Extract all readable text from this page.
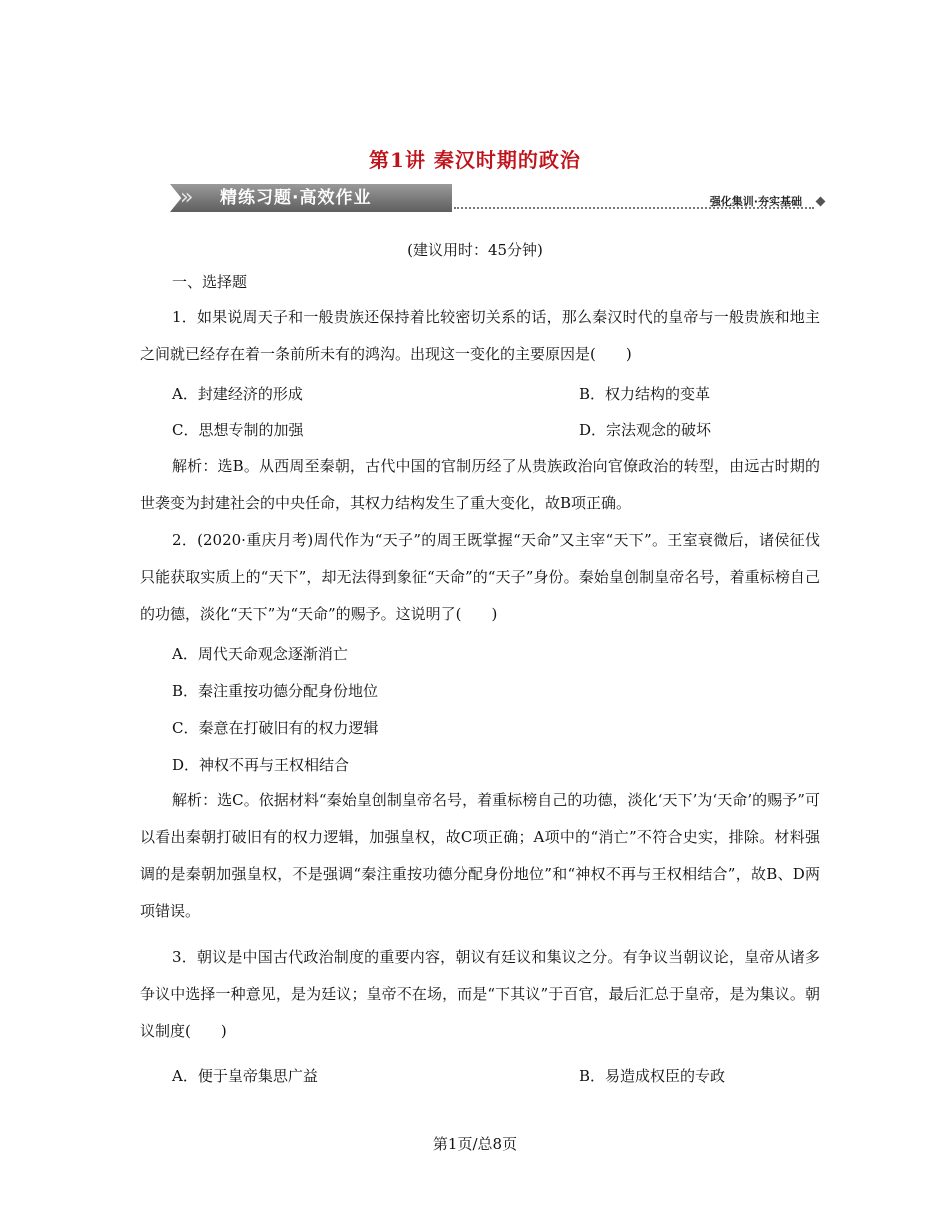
第1讲 秦汉时期的政治
»	精练习题·高效作业	强化集训·夯实基础
(建议用时：45分钟)
一、选择题

1．如果说周天子和一般贵族还保持着比较密切关系的话，那么秦汉时代的皇帝与一般贵族和地主之间就已经存在着一条前所未有的鸿沟。出现这一变化的主要原因是(　　)

A．封建经济的形成	B．权力结构的变革
C．思想专制的加强	D．宗法观念的破坏

解析：选B。从西周至秦朝，古代中国的官制历经了从贵族政治向官僚政治的转型，由远古时期的世袭变为封建社会的中央任命，其权力结构发生了重大变化，故B项正确。

2．(2020·重庆月考)周代作为“天子”的周王既掌握“天命”又主宰“天下”。王室衰微后，诸侯征伐只能获取实质上的“天下”，却无法得到象征“天命”的“天子”身份。秦始皇创制皇帝名号，着重标榜自己的功德，淡化“天下”为“天命”的赐予。这说明了(　　)

A．周代天命观念逐渐消亡
B．秦注重按功德分配身份地位
C．秦意在打破旧有的权力逻辑
D．神权不再与王权相结合

解析：选C。依据材料“秦始皇创制皇帝名号，着重标榜自己的功德，淡化‘天下’为‘天命’的赐予”可以看出秦朝打破旧有的权力逻辑，加强皇权，故C项正确；A项中的“消亡”不符合史实，排除。材料强调的是秦朝加强皇权，不是强调“秦注重按功德分配身份地位”和“神权不再与王权相结合”，故B、D两项错误。

3．朝议是中国古代政治制度的重要内容，朝议有廷议和集议之分。有争议当朝议论，皇帝从诸多争议中选择一种意见，是为廷议；皇帝不在场，而是“下其议”于百官，最后汇总于皇帝，是为集议。朝议制度(　　)

A．便于皇帝集思广益	B．易造成权臣的专政
第1页/总8页
